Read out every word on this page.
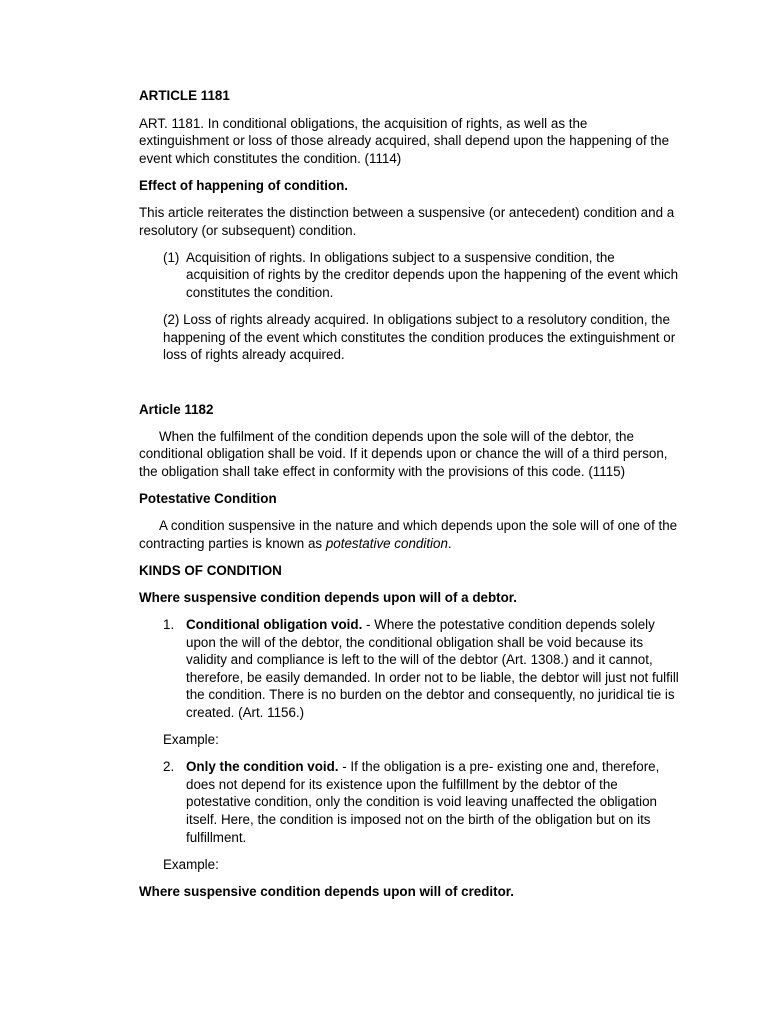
ARTICLE 1181

ART. 1181. In conditional obligations, the acquisition of rights, as well as the extinguishment or loss of those already acquired, shall depend upon the happening of the event which constitutes the condition. (1114)

Effect of happening of condition.

This article reiterates the distinction between a suspensive (or antecedent) condition and a resolutory (or subsequent) condition.

(1) Acquisition of rights. In obligations subject to a suspensive condition, the acquisition of rights by the creditor depends upon the happening of the event which constitutes the condition.

(2) Loss of rights already acquired. In obligations subject to a resolutory condition, the happening of the event which constitutes the condition produces the extinguishment or loss of rights already acquired.

Article 1182

When the fulfilment of the condition depends upon the sole will of the debtor, the conditional obligation shall be void. If it depends upon or chance the will of a third person, the obligation shall take effect in conformity with the provisions of this code. (1115)

Potestative Condition

A condition suspensive in the nature and which depends upon the sole will of one of the contracting parties is known as potestative condition.

KINDS OF CONDITION

Where suspensive condition depends upon will of a debtor.

1. Conditional obligation void. - Where the potestative condition depends solely upon the will of the debtor, the conditional obligation shall be void because its validity and compliance is left to the will of the debtor (Art. 1308.) and it cannot, therefore, be easily demanded. In order not to be liable, the debtor will just not fulfill the condition. There is no burden on the debtor and consequently, no juridical tie is created. (Art. 1156.)

Example:

2. Only the condition void. - If the obligation is a pre- existing one and, therefore, does not depend for its existence upon the fulfillment by the debtor of the potestative condition, only the condition is void leaving unaffected the obligation itself. Here, the condition is imposed not on the birth of the obligation but on its fulfillment.

Example:

Where suspensive condition depends upon will of creditor.
